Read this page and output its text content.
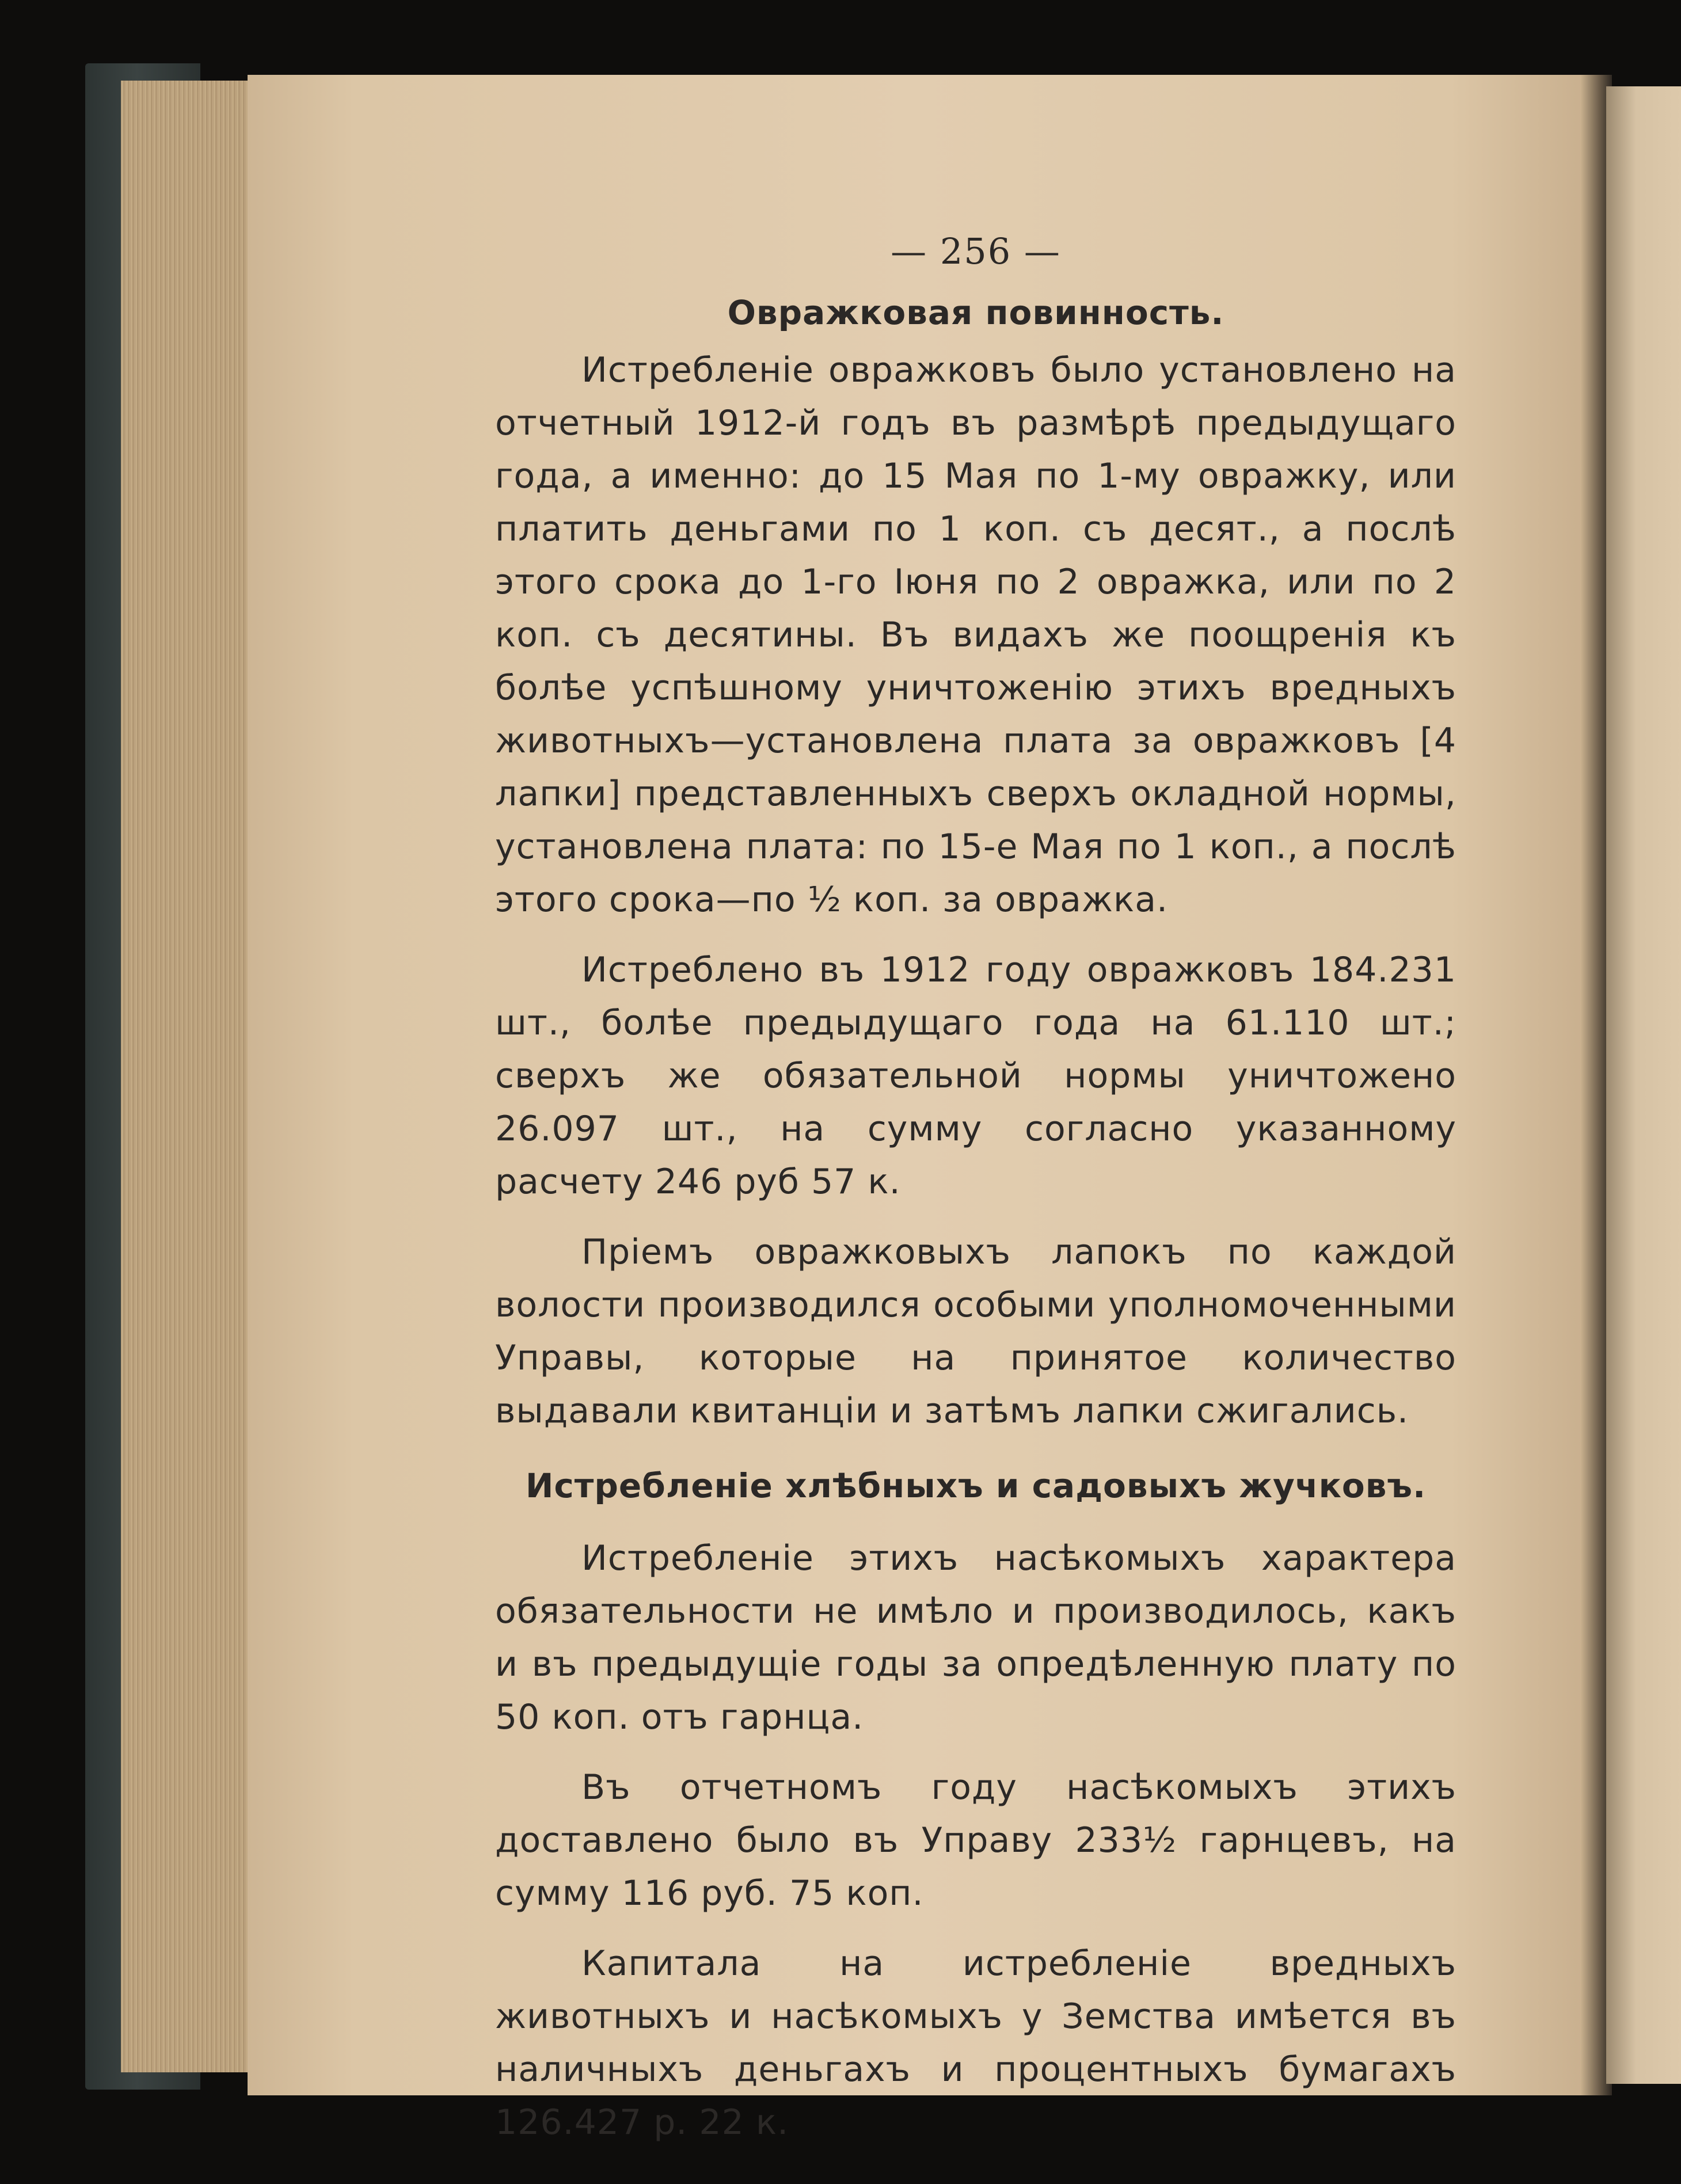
— 256 —
Овражковая повинность.

Истребленіе овражковъ было установлено на отчетный 1912-й годъ въ размѣрѣ предыдущаго года, а именно: до 15 Мая по 1-му овражку, или платить деньгами по 1 коп. съ десят., а послѣ этого срока до 1-го Іюня по 2 овражка, или по 2 коп. съ десятины. Въ видахъ же поощренія къ болѣе успѣшному уничтоженію этихъ вредныхъ животныхъ—установлена плата за овражковъ [4 лапки] представленныхъ сверхъ окладной нормы, установлена плата: по 15-е Мая по 1 коп., а послѣ этого срока—по ½ коп. за овражка.

Истреблено въ 1912 году овражковъ 184.231 шт., болѣе предыдущаго года на 61.110 шт.; сверхъ же обязательной нормы уничтожено 26.097 шт., на сумму согласно указанному расчету 246 руб 57 к.

Пріемъ овражковыхъ лапокъ по каждой волости производился особыми уполномоченными Управы, которые на принятое количество выдавали квитанціи и затѣмъ лапки сжигались.

Истребленіе хлѣбныхъ и садовыхъ жучковъ.

Истребленіе этихъ насѣкомыхъ характера обязательности не имѣло и производилось, какъ и въ предыдущіе годы за опредѣленную плату по 50 коп. отъ гарнца.

Въ отчетномъ году насѣкомыхъ этихъ доставлено было въ Управу 233½ гарнцевъ, на сумму 116 руб. 75 коп.

Капитала на истребленіе вредныхъ животныхъ и насѣкомыхъ у Земства имѣется въ наличныхъ деньгахъ и процентныхъ бумагахъ 126.427 р. 22 к.
